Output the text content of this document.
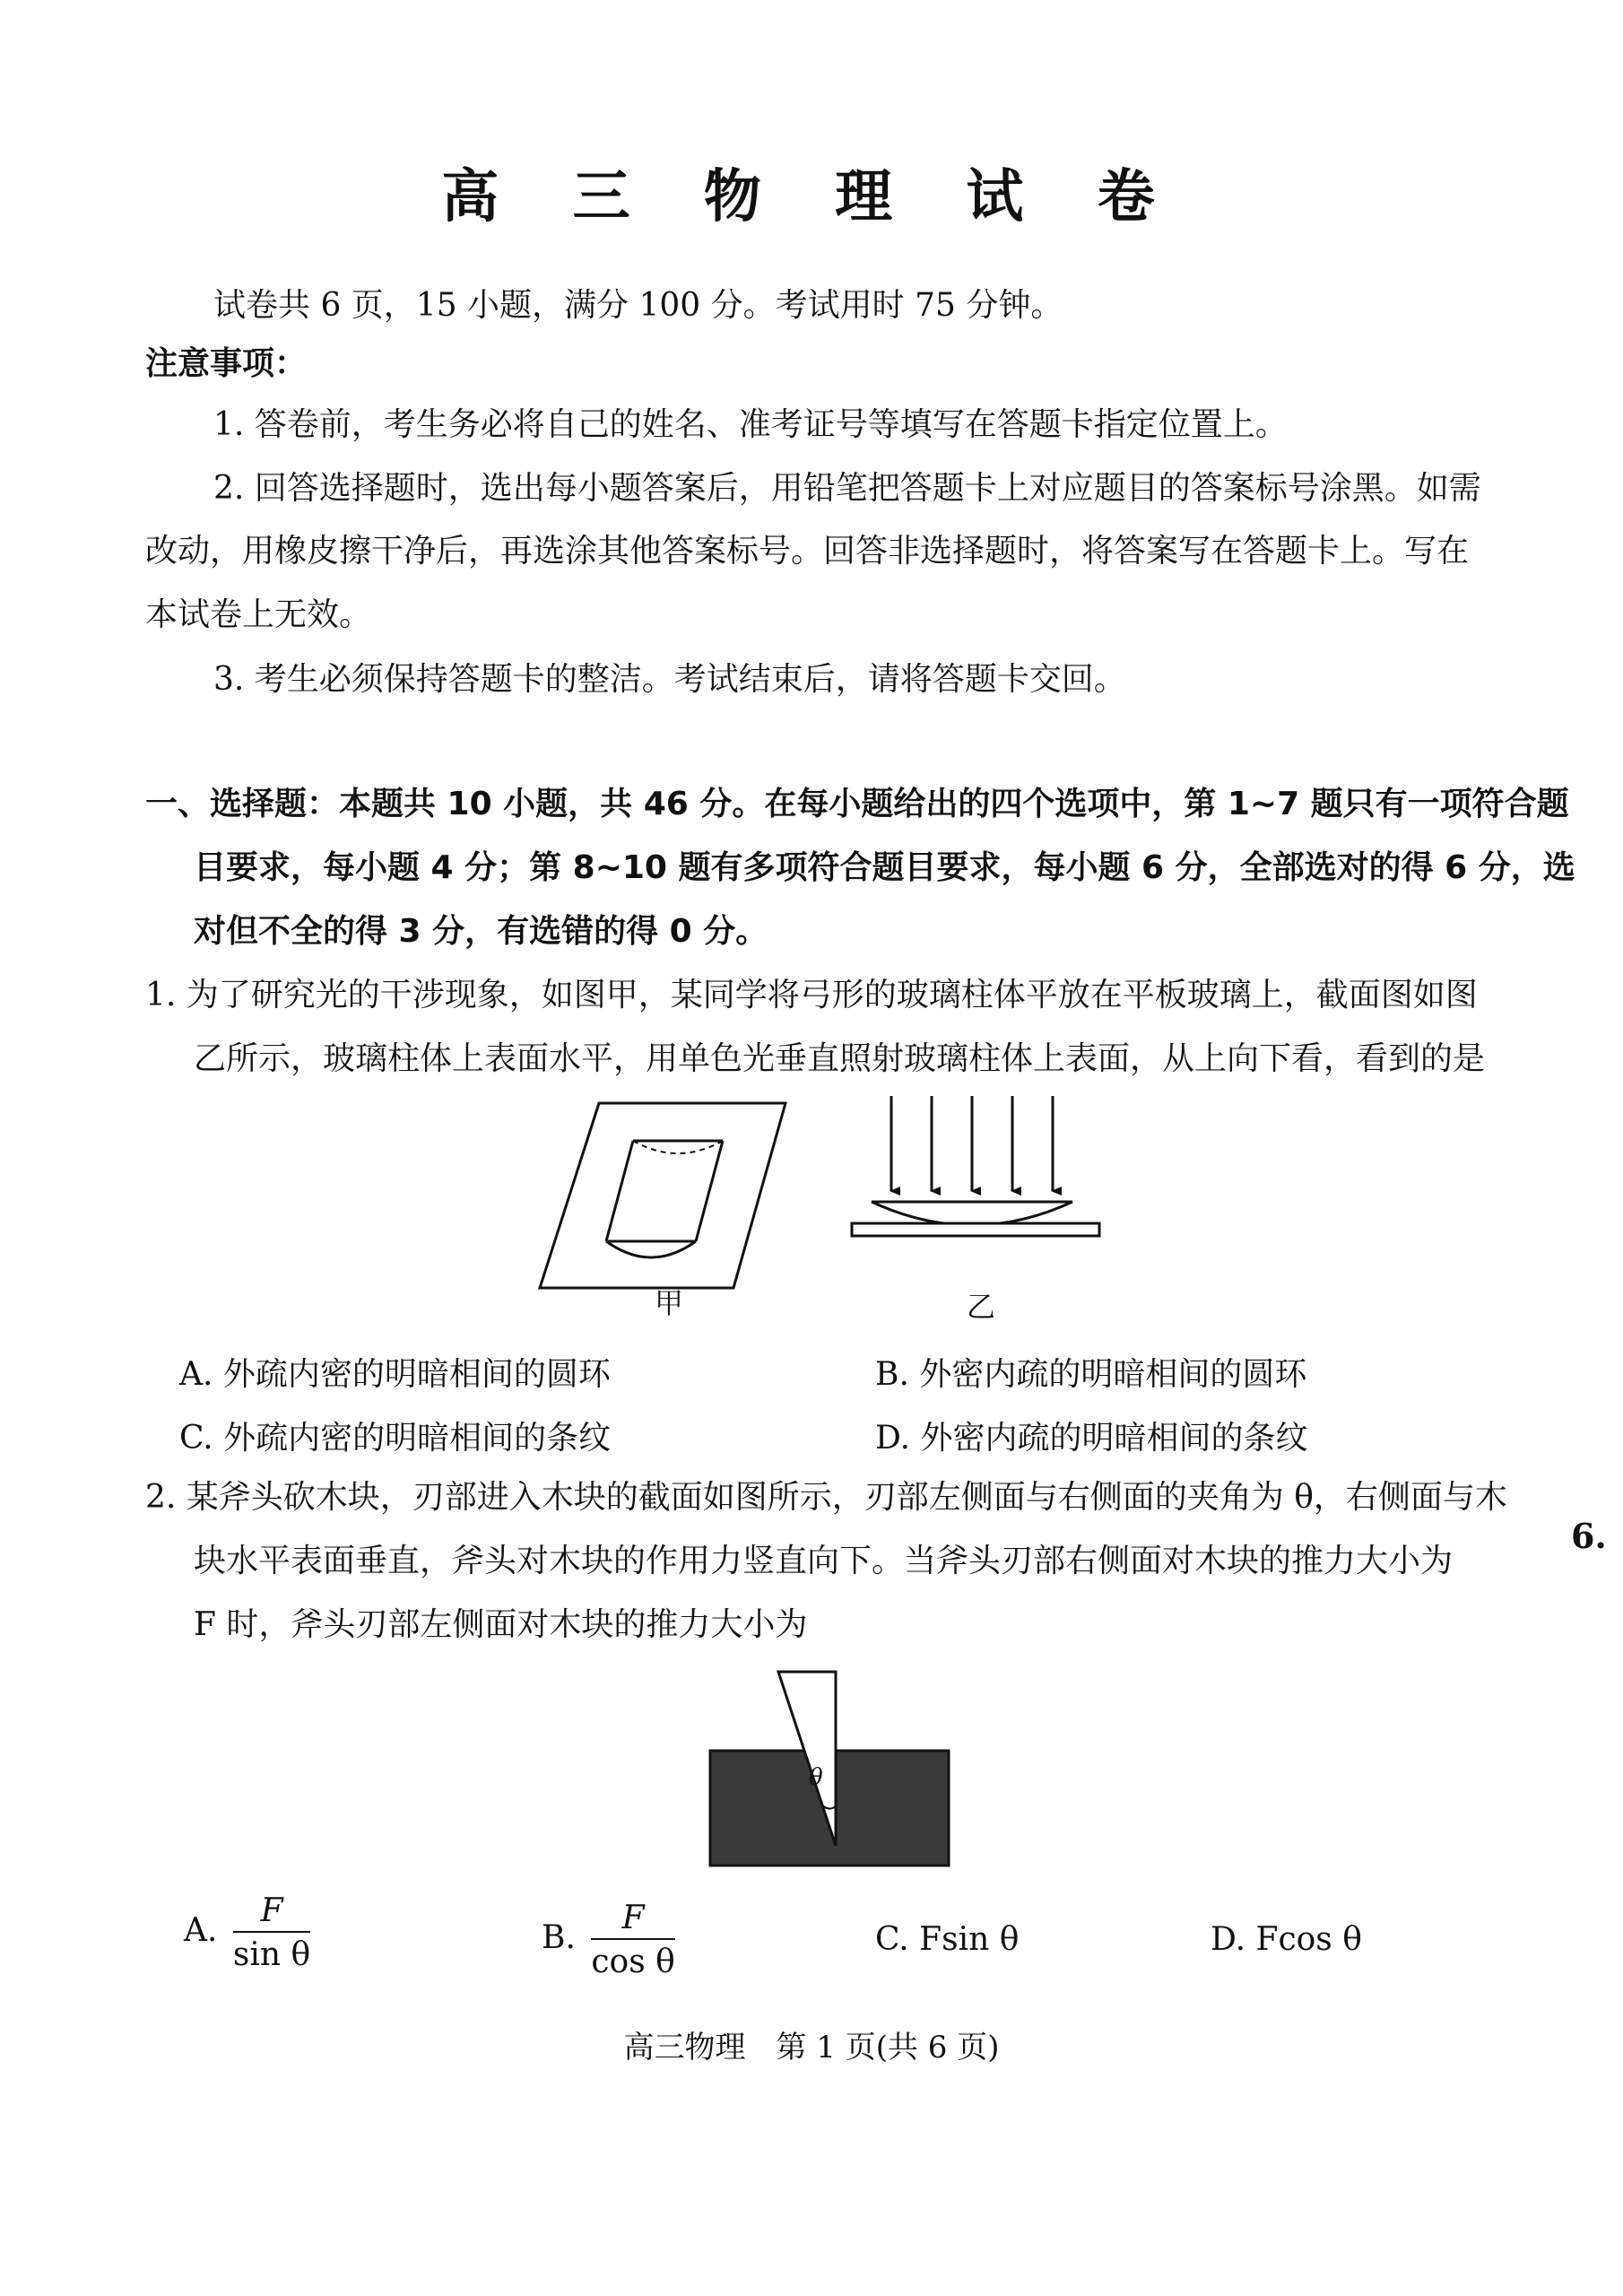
高 三 物 理 试 卷
试卷共 6 页，15 小题，满分 100 分。考试用时 75 分钟。
注意事项：
1. 答卷前，考生务必将自己的姓名、准考证号等填写在答题卡指定位置上。
2. 回答选择题时，选出每小题答案后，用铅笔把答题卡上对应题目的答案标号涂黑。如需
改动，用橡皮擦干净后，再选涂其他答案标号。回答非选择题时，将答案写在答题卡上。写在
本试卷上无效。
3. 考生必须保持答题卡的整洁。考试结束后，请将答题卡交回。
一、选择题：本题共 10 小题，共 46 分。在每小题给出的四个选项中，第 1~7 题只有一项符合题
目要求，每小题 4 分；第 8~10 题有多项符合题目要求，每小题 6 分，全部选对的得 6 分，选
对但不全的得 3 分，有选错的得 0 分。
1. 为了研究光的干涉现象，如图甲，某同学将弓形的玻璃柱体平放在平板玻璃上，截面图如图
乙所示，玻璃柱体上表面水平，用单色光垂直照射玻璃柱体上表面，从上向下看，看到的是
甲	乙
A. 外疏内密的明暗相间的圆环	B. 外密内疏的明暗相间的圆环
C. 外疏内密的明暗相间的条纹	D. 外密内疏的明暗相间的条纹
2. 某斧头砍木块，刃部进入木块的截面如图所示，刃部左侧面与右侧面的夹角为 θ，右侧面与木
块水平表面垂直，斧头对木块的作用力竖直向下。当斧头刃部右侧面对木块的推力大小为
F 时，斧头刃部左侧面对木块的推力大小为
6.
θ
A. $\frac{F}{\text{sin θ}}$	B. $\frac{F}{\text{cos θ}}$	C. Fsin θ	D. Fcos θ
高三物理　第 1 页(共 6 页)
